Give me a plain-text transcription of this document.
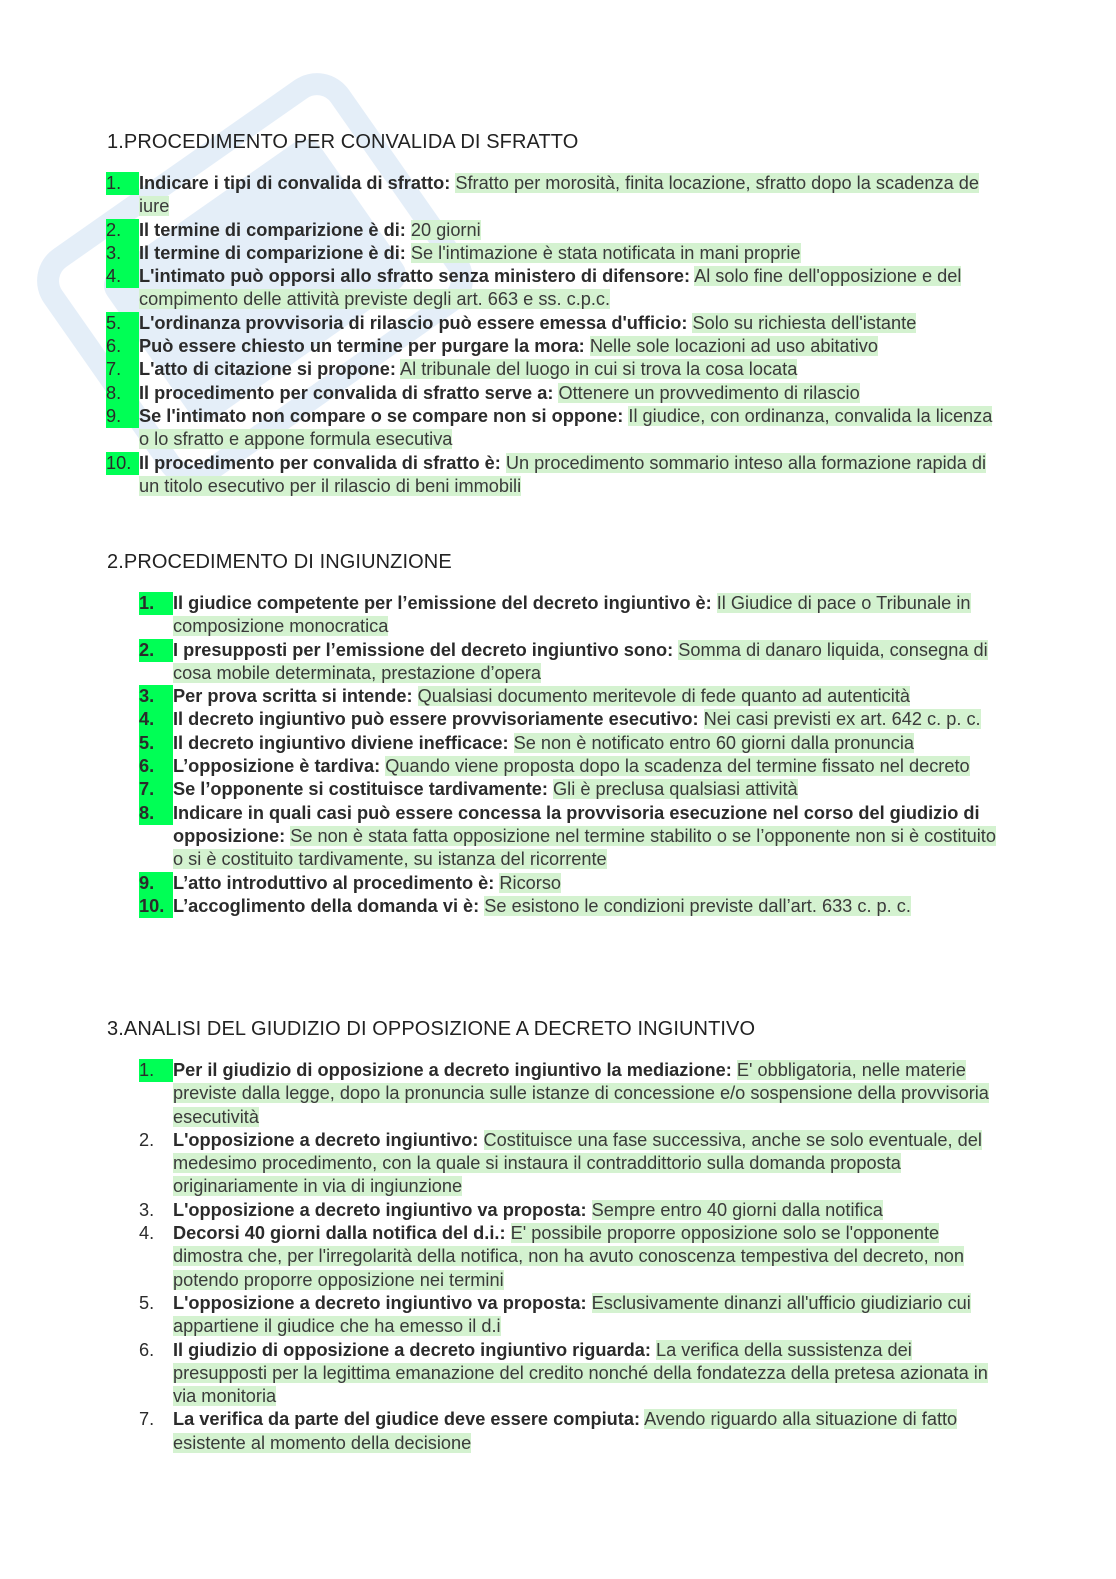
1.PROCEDIMENTO PER CONVALIDA DI SFRATTO
1. Indicare i tipi di convalida di sfratto: Sfratto per morosità, finita locazione, sfratto dopo la scadenza de iure
2. Il termine di comparizione è di: 20 giorni
3. Il termine di comparizione è di: Se l'intimazione è stata notificata in mani proprie
4. L'intimato può opporsi allo sfratto senza ministero di difensore: Al solo fine dell'opposizione e del compimento delle attività previste degli art. 663 e ss. c.p.c.
5. L'ordinanza provvisoria di rilascio può essere emessa d'ufficio: Solo su richiesta dell'istante
6. Può essere chiesto un termine per purgare la mora: Nelle sole locazioni ad uso abitativo
7. L'atto di citazione si propone: Al tribunale del luogo in cui si trova la cosa locata
8. Il procedimento per convalida di sfratto serve a: Ottenere un provvedimento di rilascio
9. Se l'intimato non compare o se compare non si oppone: Il giudice, con ordinanza, convalida la licenza o lo sfratto e appone formula esecutiva
10. Il procedimento per convalida di sfratto è: Un procedimento sommario inteso alla formazione rapida di un titolo esecutivo per il rilascio di beni immobili
2.PROCEDIMENTO DI INGIUNZIONE
1.	Il giudice competente per l’emissione del decreto ingiuntivo è: Il Giudice di pace o Tribunale in composizione monocratica
2.	I presupposti per l’emissione del decreto ingiuntivo sono: Somma di danaro liquida, consegna di cosa mobile determinata, prestazione d’opera
3.	Per prova scritta si intende: Qualsiasi documento meritevole di fede quanto ad autenticità
4.	Il decreto ingiuntivo può essere provvisoriamente esecutivo: Nei casi previsti ex art. 642 c. p. c.
5.	Il decreto ingiuntivo diviene inefficace: Se non è notificato entro 60 giorni dalla pronuncia
6.	L’opposizione è tardiva: Quando viene proposta dopo la scadenza del termine fissato nel decreto
7.	Se l’opponente si costituisce tardivamente: Gli è preclusa qualsiasi attività
8.	Indicare in quali casi può essere concessa la provvisoria esecuzione nel corso del giudizio di opposizione: Se non è stata fatta opposizione nel termine stabilito o se l’opponente non si è costituito o si è costituito tardivamente, su istanza del ricorrente
9.	L’atto introduttivo al procedimento è: Ricorso
10. L’accoglimento della domanda vi è: Se esistono le condizioni previste dall’art. 633 c. p. c.
3.ANALISI DEL GIUDIZIO DI OPPOSIZIONE A DECRETO INGIUNTIVO
1.	Per il giudizio di opposizione a decreto ingiuntivo la mediazione: E' obbligatoria, nelle materie previste dalla legge, dopo la pronuncia sulle istanze di concessione e/o sospensione della provvisoria esecutività
2.	L'opposizione a decreto ingiuntivo: Costituisce una fase successiva, anche se solo eventuale, del medesimo procedimento, con la quale si instaura il contraddittorio sulla domanda proposta originariamente in via di ingiunzione
3.	L'opposizione a decreto ingiuntivo va proposta: Sempre entro 40 giorni dalla notifica
4.	Decorsi 40 giorni dalla notifica del d.i.: E' possibile proporre opposizione solo se l'opponente dimostra che, per l'irregolarità della notifica, non ha avuto conoscenza tempestiva del decreto, non potendo proporre opposizione nei termini
5.	L'opposizione a decreto ingiuntivo va proposta: Esclusivamente dinanzi all'ufficio giudiziario cui appartiene il giudice che ha emesso il d.i
6.	Il giudizio di opposizione a decreto ingiuntivo riguarda: La verifica della sussistenza dei presupposti per la legittima emanazione del credito nonché della fondatezza della pretesa azionata in via monitoria
7.	La verifica da parte del giudice deve essere compiuta: Avendo riguardo alla situazione di fatto esistente al momento della decisione
